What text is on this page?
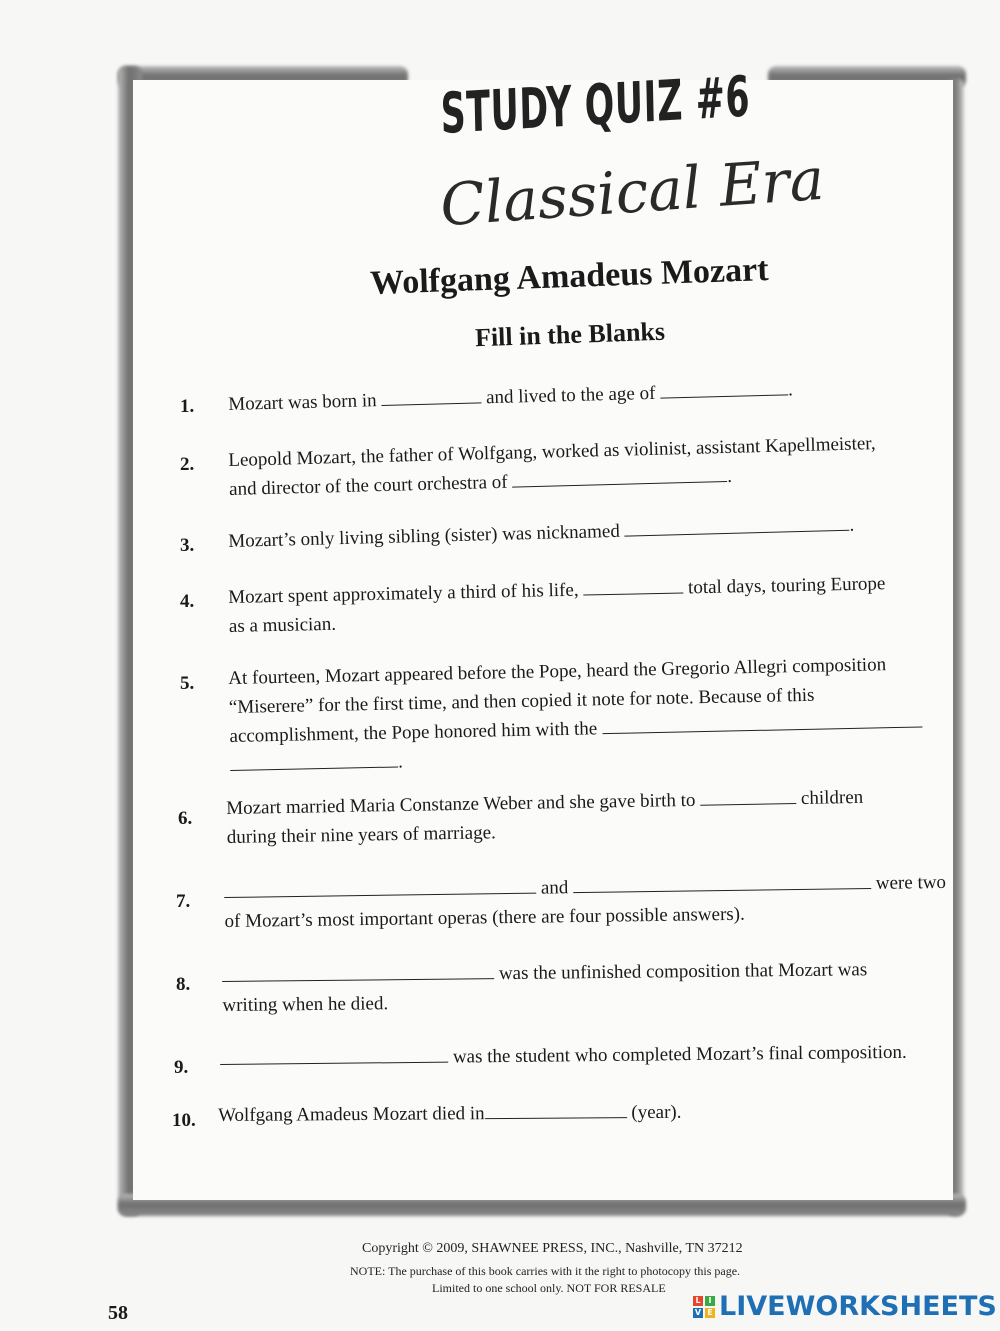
STUDY QUIZ #6
Classical Era
Wolfgang Amadeus Mozart
Fill in the Blanks
1. Mozart was born in	and lived to the age of	.
2. Leopold Mozart, the father of Wolfgang, worked as violinist, assistant Kapellmeister,
and director of the court orchestra of	.
3. Mozart’s only living sibling (sister) was nicknamed	.
4. Mozart spent approximately a third of his life,	total days, touring Europe
as a musician.
5. At fourteen, Mozart appeared before the Pope, heard the Gregorio Allegri composition
“Miserere” for the first time, and then copied it note for note. Because of this
accomplishment, the Pope honored him with the
.
6. Mozart married Maria Constanze Weber and she gave birth to	children
during their nine years of marriage.
7.
and	were two
of Mozart’s most important operas (there are four possible answers).
8.
was the unfinished composition that Mozart was
writing when he died.
9.	was the student who completed Mozart’s final composition.
10. Wolfgang Amadeus Mozart died in	(year).
Copyright © 2009, SHAWNEE PRESS, INC., Nashville, TN 37212
NOTE: The purchase of this book carries with it the right to photocopy this page.
Limited to one school only. NOT FOR RESALE
58
L I
V E LIVEWORKSHEETS
